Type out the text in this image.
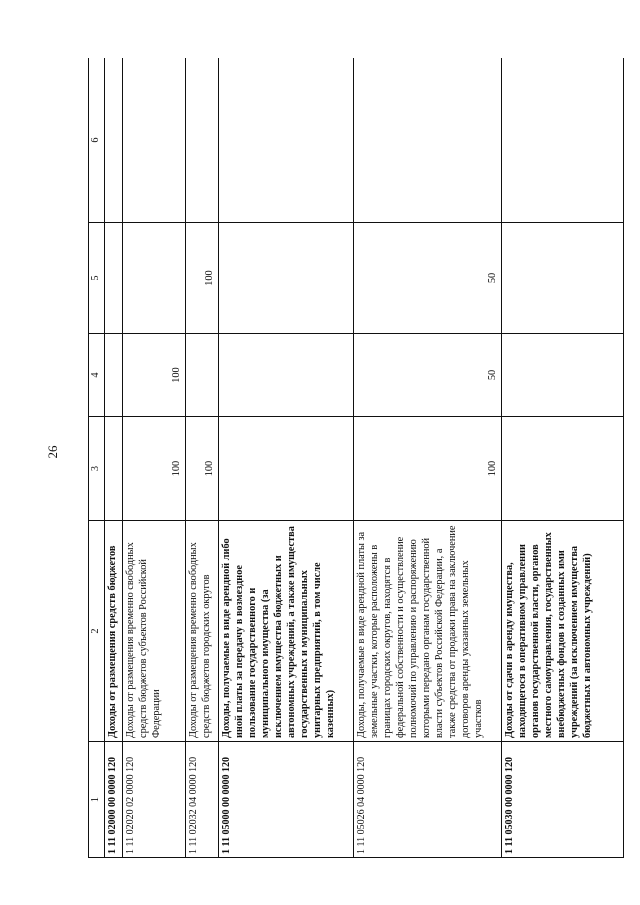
26
1	2	3	4	5	6
1 11 02000 00 0000 120	Доходы от размещения средств бюджетов				
1 11 02020 02 0000 120	Доходы от размещения временно свободных средств бюджетов субъектов Российской Федерации	100	100		
1 11 02032 04 0000 120	Доходы от размещения временно свободных средств бюджетов городских округов	100		100	
1 11 05000 00 0000 120	Доходы, получаемые в виде арендной либо иной платы за передачу в возмездное пользование государственного и муниципального имущества (за исключением имущества бюджетных и автономных учреждений, а также имущества государственных и муниципальных унитарных предприятий, в том числе казенных)				
1 11 05026 04 0000 120	Доходы, получаемые в виде арендной платы за земельные участки, которые расположены в границах городских округов, находятся в федеральной собственности и осуществление полномочий по управлению и распоряжению которыми передано органам государственной власти субъектов Российской Федерации, а также средства от продажи права на заключение договоров аренды указанных земельных участков	100	50	50	
1 11 05030 00 0000 120	Доходы от сдачи в аренду имущества, находящегося в оперативном управлении органов государственной власти, органов местного самоуправления, государственных внебюджетных фондов и созданных ими учреждений (за исключением имущества бюджетных и автономных учреждений)				
